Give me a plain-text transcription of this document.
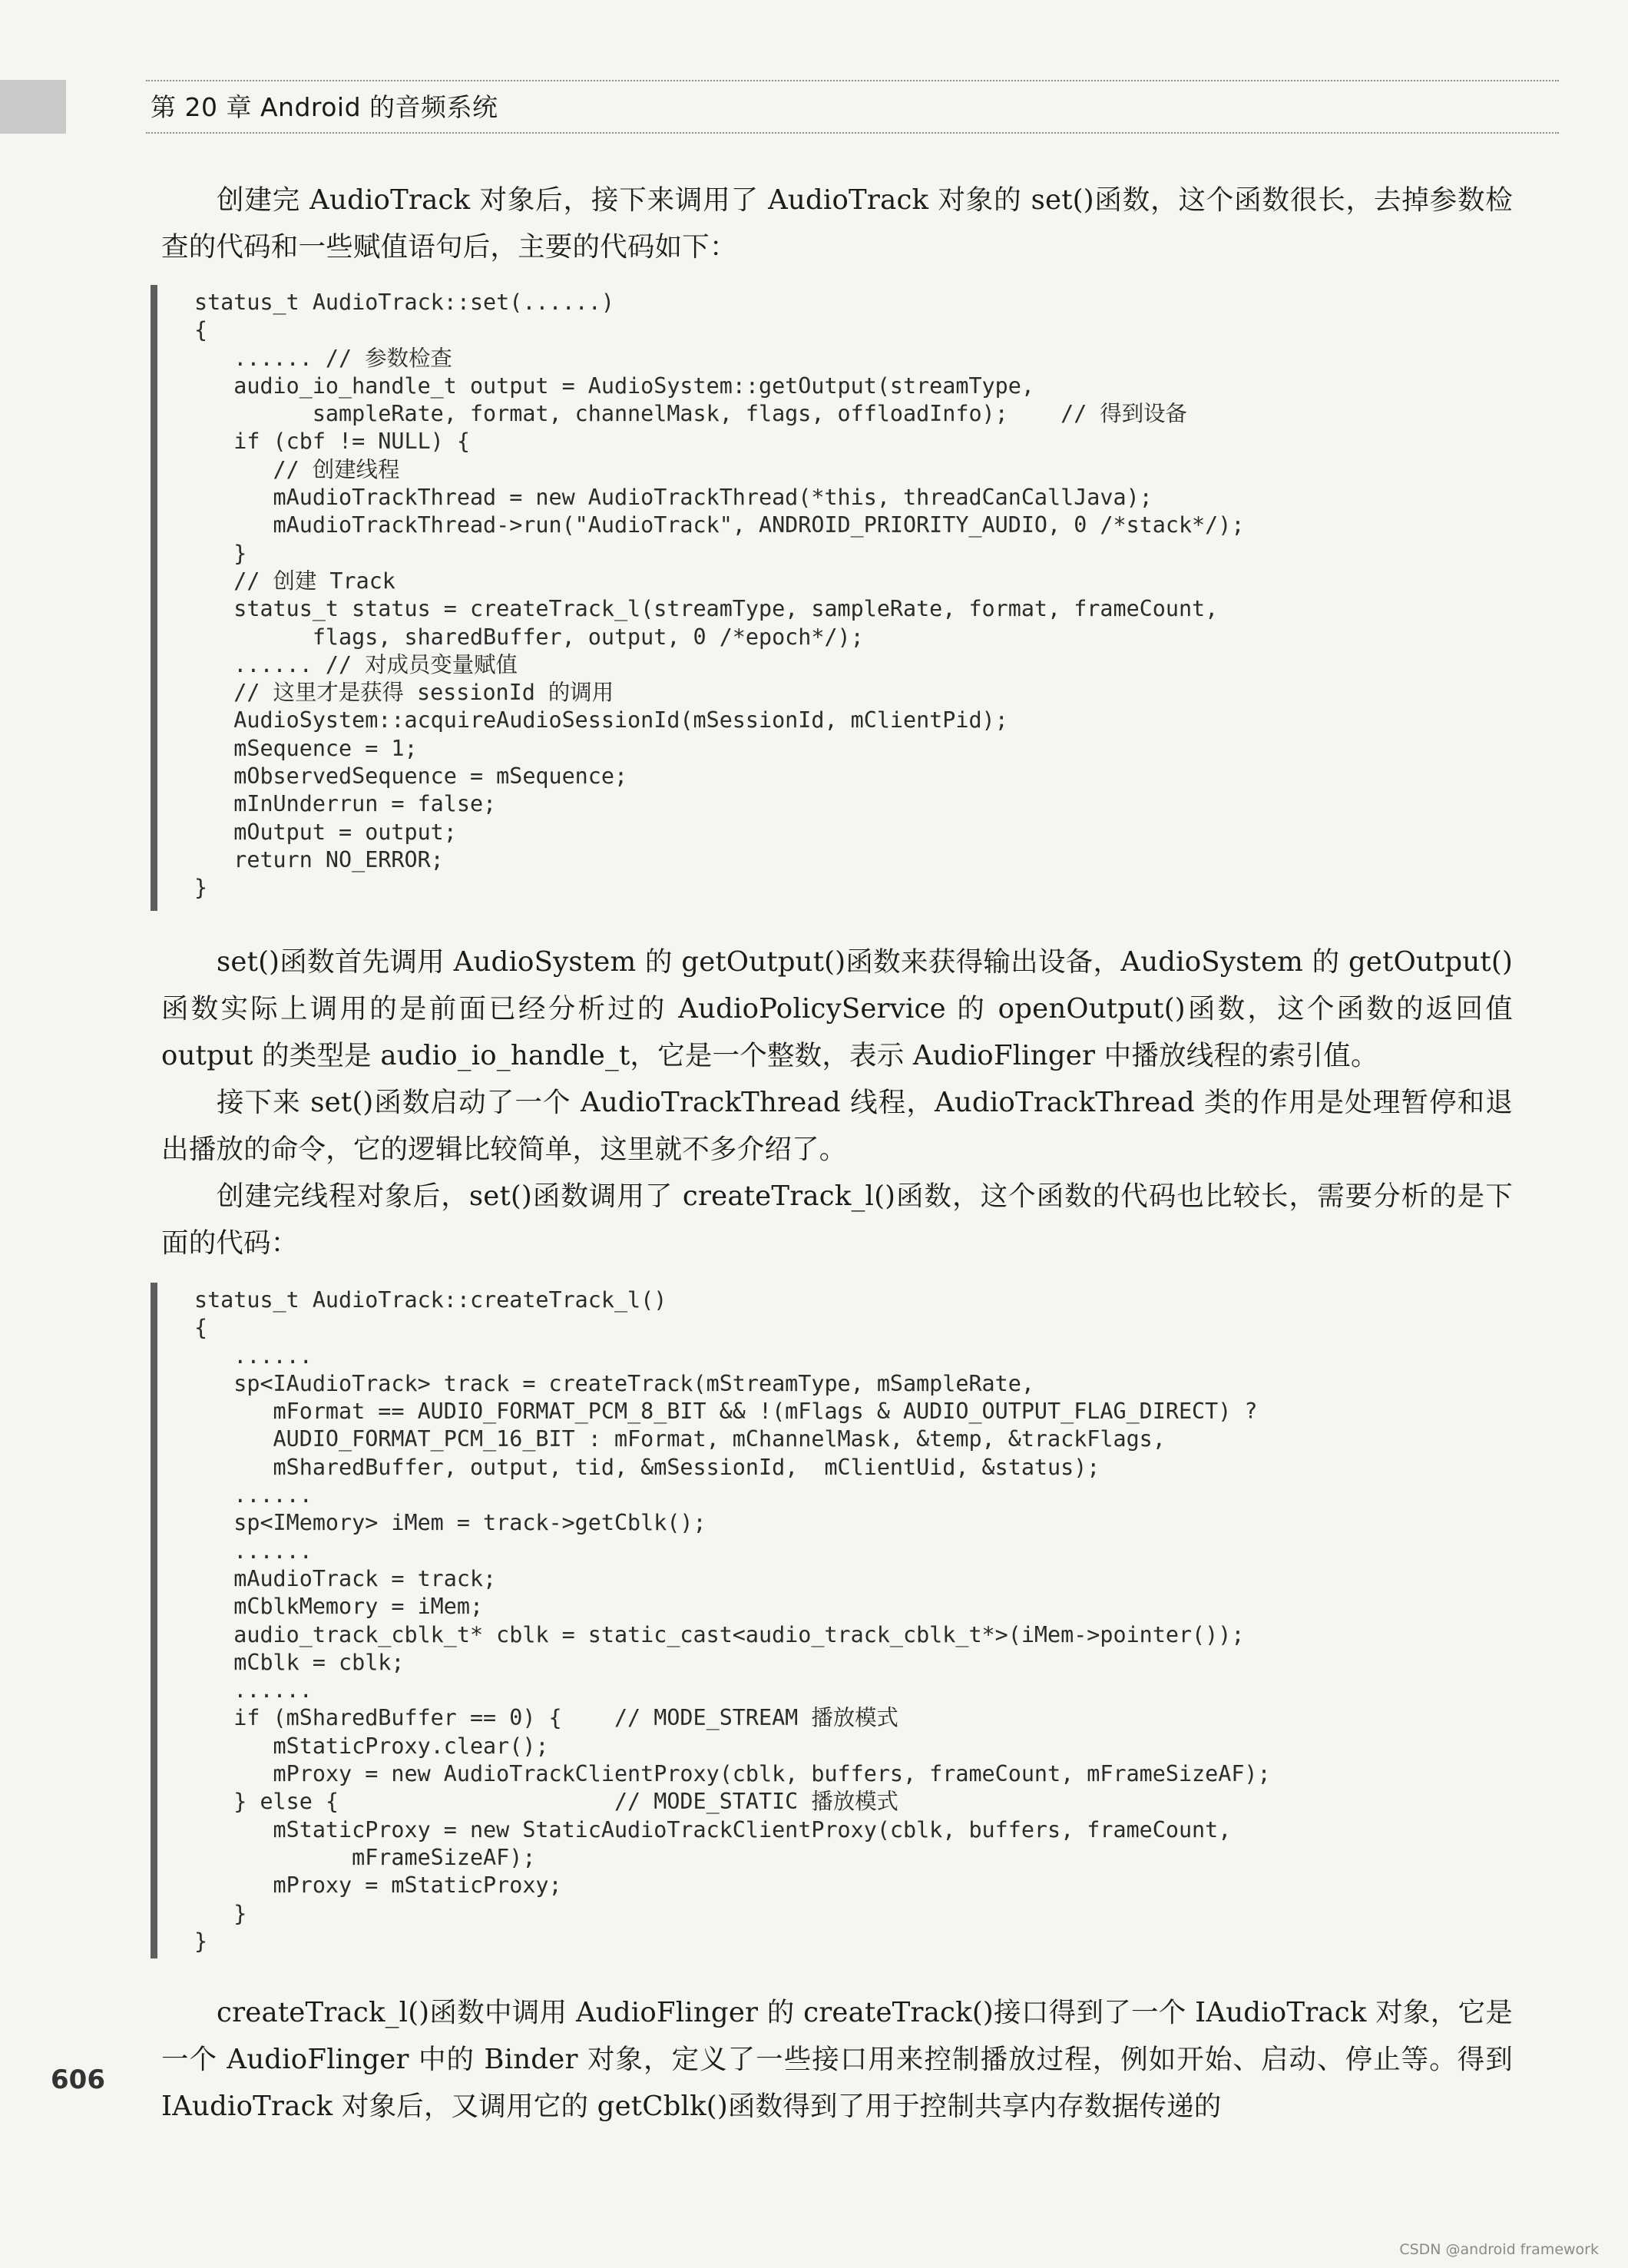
第 20 章 Android 的音频系统

创建完 AudioTrack 对象后，接下来调用了 AudioTrack 对象的 set()函数，这个函数很长，去掉参数检查的代码和一些赋值语句后，主要的代码如下：

status_t AudioTrack::set(......)
{
...... // 参数检查
audio_io_handle_t output = AudioSystem::getOutput(streamType,
sampleRate, format, channelMask, flags, offloadInfo);    // 得到设备
if (cbf != NULL) {
// 创建线程
mAudioTrackThread = new AudioTrackThread(*this, threadCanCallJava);
mAudioTrackThread->run("AudioTrack", ANDROID_PRIORITY_AUDIO, 0 /*stack*/);
}
// 创建 Track
status_t status = createTrack_l(streamType, sampleRate, format, frameCount,
flags, sharedBuffer, output, 0 /*epoch*/);
...... // 对成员变量赋值
// 这里才是获得 sessionId 的调用
AudioSystem::acquireAudioSessionId(mSessionId, mClientPid);
mSequence = 1;
mObservedSequence = mSequence;
mInUnderrun = false;
mOutput = output;
return NO_ERROR;
}

set()函数首先调用 AudioSystem 的 getOutput()函数来获得输出设备，AudioSystem 的 getOutput()函数实际上调用的是前面已经分析过的 AudioPolicyService 的 openOutput()函数，这个函数的返回值 output 的类型是 audio_io_handle_t，它是一个整数，表示 AudioFlinger 中播放线程的索引值。

接下来 set()函数启动了一个 AudioTrackThread 线程，AudioTrackThread 类的作用是处理暂停和退出播放的命令，它的逻辑比较简单，这里就不多介绍了。

创建完线程对象后，set()函数调用了 createTrack_l()函数，这个函数的代码也比较长，需要分析的是下面的代码：

status_t AudioTrack::createTrack_l()
{
......
sp<IAudioTrack> track = createTrack(mStreamType, mSampleRate,
mFormat == AUDIO_FORMAT_PCM_8_BIT && !(mFlags & AUDIO_OUTPUT_FLAG_DIRECT) ?
AUDIO_FORMAT_PCM_16_BIT : mFormat, mChannelMask, &temp, &trackFlags,
mSharedBuffer, output, tid, &mSessionId,  mClientUid, &status);
......
sp<IMemory> iMem = track->getCblk();
......
mAudioTrack = track;
mCblkMemory = iMem;
audio_track_cblk_t* cblk = static_cast<audio_track_cblk_t*>(iMem->pointer());
mCblk = cblk;
......
if (mSharedBuffer == 0) {    // MODE_STREAM 播放模式
mStaticProxy.clear();
mProxy = new AudioTrackClientProxy(cblk, buffers, frameCount, mFrameSizeAF);
} else {                     // MODE_STATIC 播放模式
mStaticProxy = new StaticAudioTrackClientProxy(cblk, buffers, frameCount,
mFrameSizeAF);
mProxy = mStaticProxy;
}
}

createTrack_l()函数中调用 AudioFlinger 的 createTrack()接口得到了一个 IAudioTrack 对象，它是一个 AudioFlinger 中的 Binder 对象，定义了一些接口用来控制播放过程，例如开始、启动、停止等。得到 IAudioTrack 对象后，又调用它的 getCblk()函数得到了用于控制共享内存数据传递的

606
CSDN @android framework
